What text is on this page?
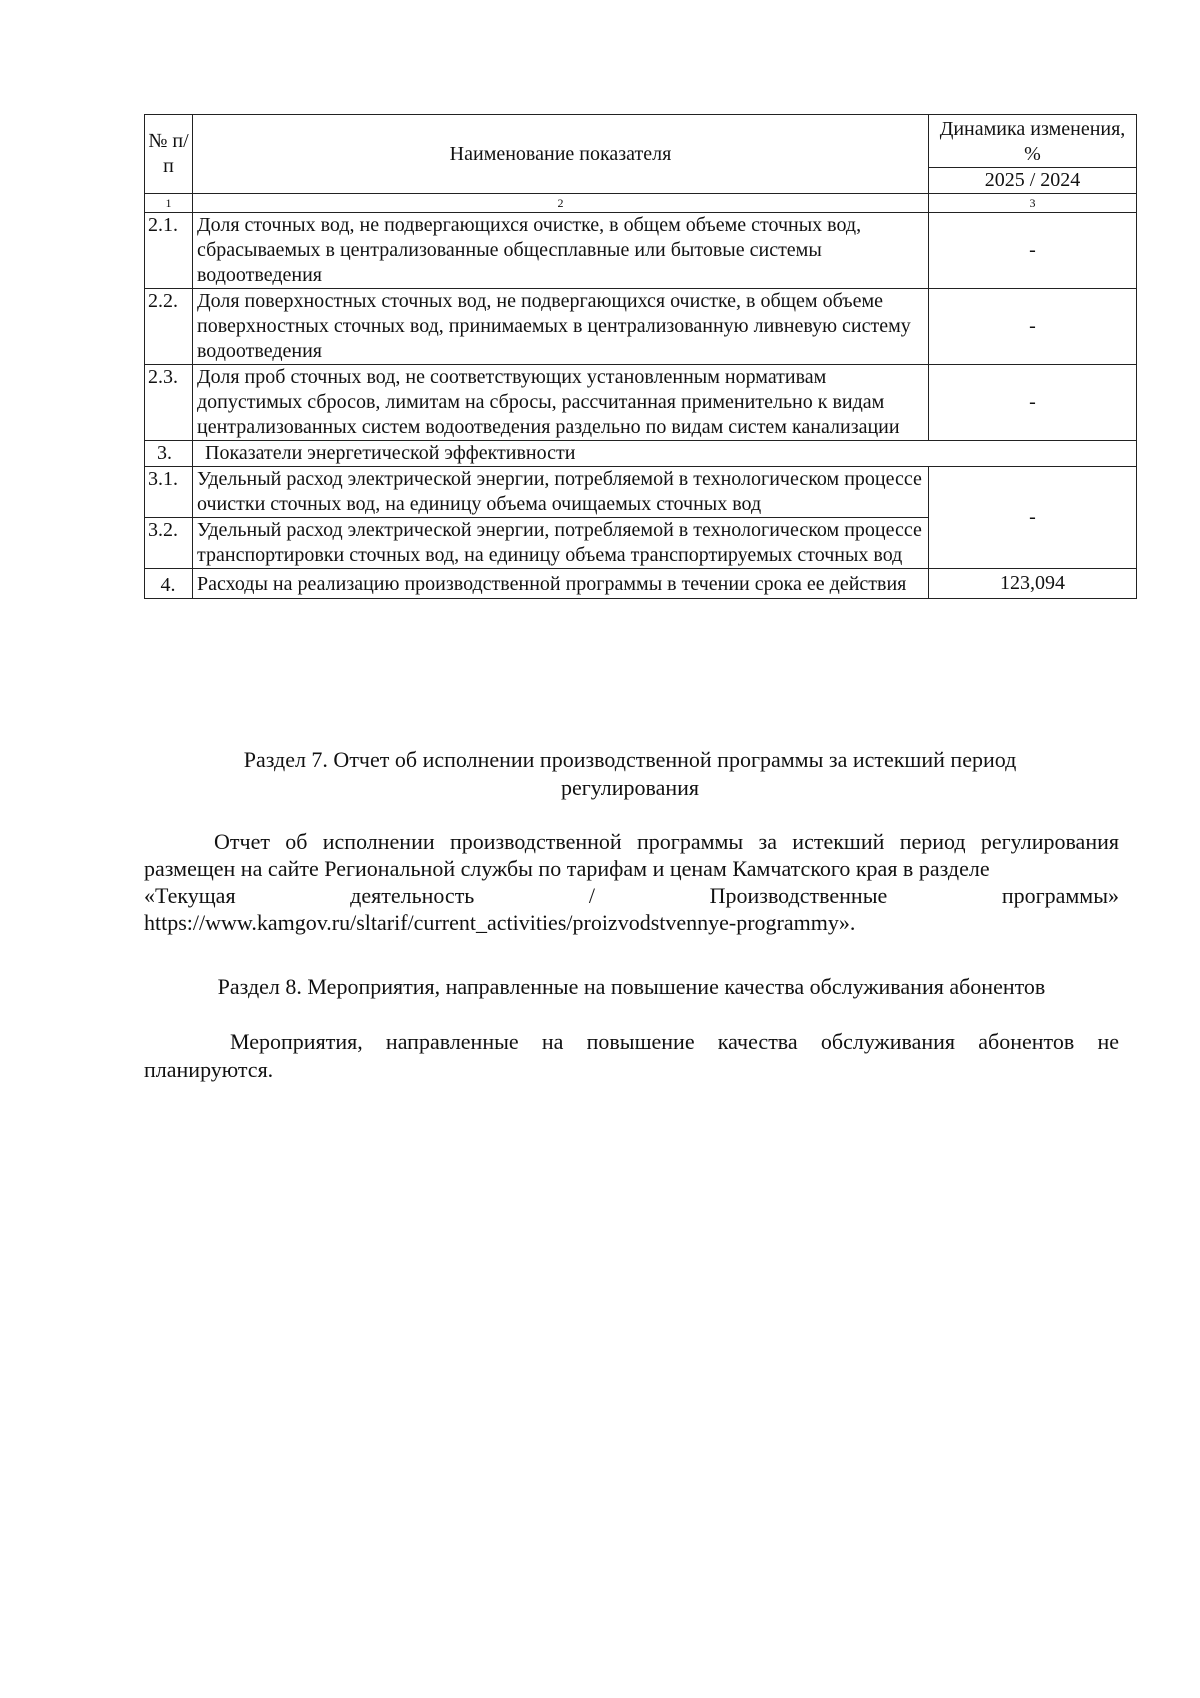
№ п/п	Наименование показателя	Динамика изменения, %
		2025 / 2024
1	2	3
2.1.	Доля сточных вод, не подвергающихся очистке, в общем объеме сточных вод, сбрасываемых в централизованные общесплавные или бытовые системы водоотведения	-
2.2.	Доля поверхностных сточных вод, не подвергающихся очистке, в общем объеме поверхностных сточных вод, принимаемых в централизованную ливневую систему водоотведения	-
2.3.	Доля проб сточных вод, не соответствующих установленным нормативам допустимых сбросов, лимитам на сбросы, рассчитанная применительно к видам централизованных систем водоотведения раздельно по видам систем канализации	-
3.	Показатели энергетической эффективности	
3.1.	Удельный расход электрической энергии, потребляемой в технологическом процессе очистки сточных вод, на единицу объема очищаемых сточных вод	-
3.2.	Удельный расход электрической энергии, потребляемой в технологическом процессе транспортировки сточных вод, на единицу объема транспортируемых сточных вод	
4.	Расходы на реализацию производственной программы в течении срока ее действия	123,094
Раздел 7. Отчет об исполнении производственной программы за истекший период регулирования
Отчет об исполнении производственной программы за истекший период регулирования размещен на сайте Региональной службы по тарифам и ценам Камчатского края в разделе
«Текущая	деятельность	/	Производственные	программы»
https://www.kamgov.ru/sltarif/current_activities/proizvodstvennye-programmy».
Раздел 8. Мероприятия, направленные на повышение качества обслуживания абонентов
Мероприятия, направленные на повышение качества обслуживания абонентов не планируются.
